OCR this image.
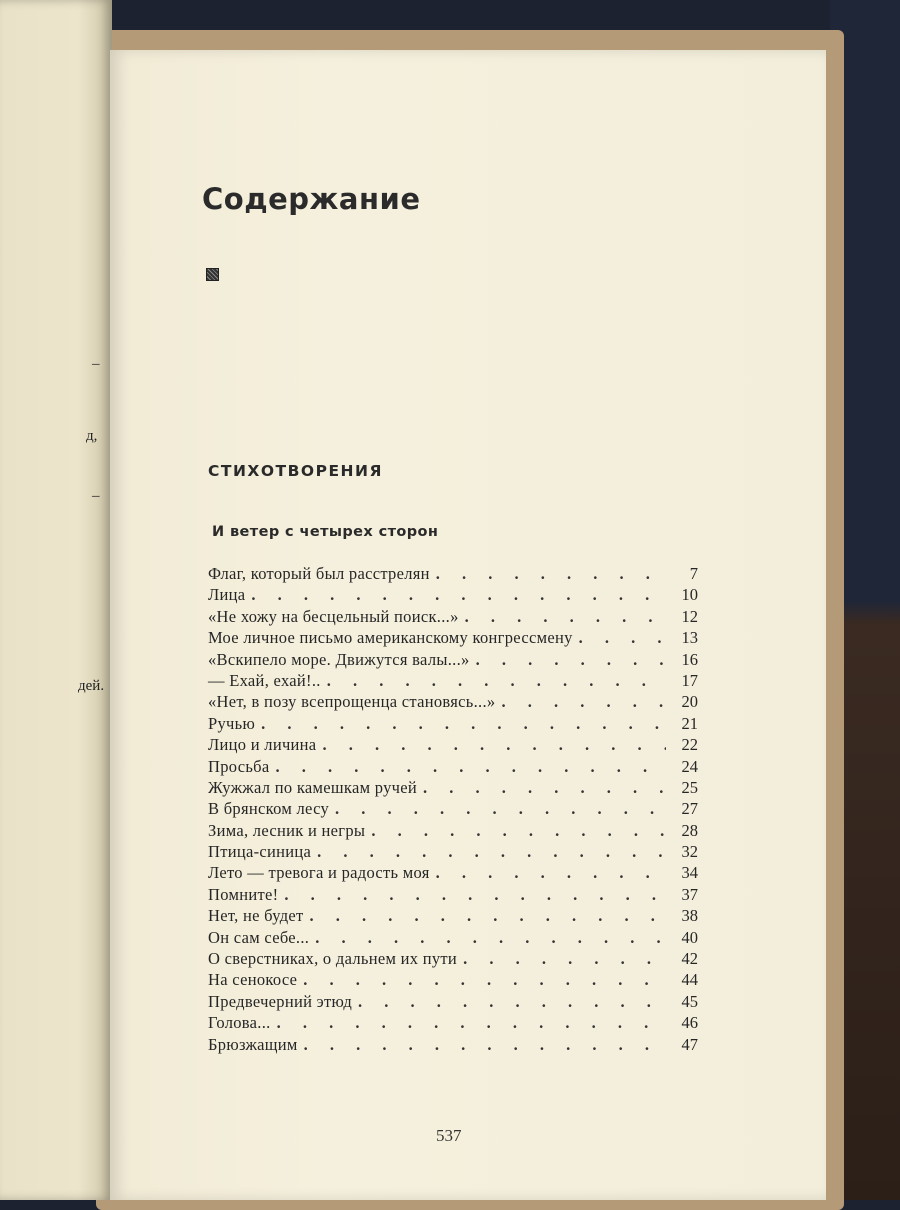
–
д,
–
дей.
Содержание
СТИХОТВОРЕНИЯ
И ветер с четырех сторон
Флаг, который был расстрелян . . .	7
Лица . . .	10
«Не хожу на бесцельный поиск...» . . .	12
Мое личное письмо американскому конгрессмену . . .	13
«Вскипело море. Движутся валы...» . . .	16
— Ехай, ехай!.. . . .	17
«Нет, в позу всепрощенца становясь...» . . .	20
Ручью . . .	21
Лицо и личина . . .	22
Просьба . . .	24
Жужжал по камешкам ручей . . .	25
В брянском лесу . . .	27
Зима, лесник и негры . . .	28
Птица-синица . . .	32
Лето — тревога и радость моя . . .	34
Помните! . . .	37
Нет, не будет . . .	38
Он сам себе... . . .	40
О сверстниках, о дальнем их пути . . .	42
На сенокосе . . .	44
Предвечерний этюд . . .	45
Голова... . . .	46
Брюзжащим . . .	47
537
